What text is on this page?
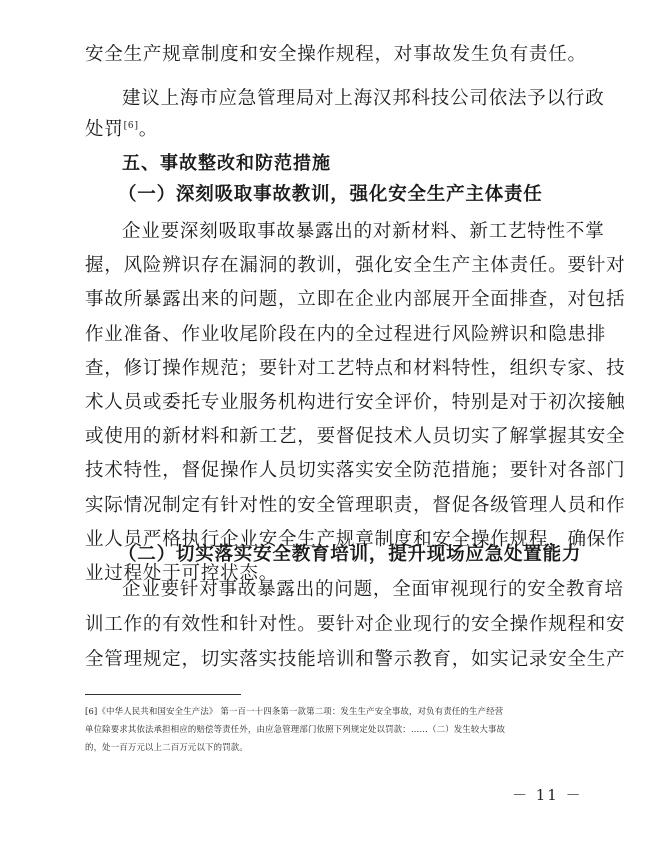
安全生产规章制度和安全操作规程，对事故发生负有责任。
建议上海市应急管理局对上海汉邦科技公司依法予以行政
处罚[6]。
五、事故整改和防范措施
（一）深刻吸取事故教训，强化安全生产主体责任
企业要深刻吸取事故暴露出的对新材料、新工艺特性不掌
握，风险辨识存在漏洞的教训，强化安全生产主体责任。要针对
事故所暴露出来的问题，立即在企业内部展开全面排查，对包括
作业准备、作业收尾阶段在内的全过程进行风险辨识和隐患排
查，修订操作规范；要针对工艺特点和材料特性，组织专家、技
术人员或委托专业服务机构进行安全评价，特别是对于初次接触
或使用的新材料和新工艺，要督促技术人员切实了解掌握其安全
技术特性，督促操作人员切实落实安全防范措施；要针对各部门
实际情况制定有针对性的安全管理职责，督促各级管理人员和作
业人员严格执行企业安全生产规章制度和安全操作规程，确保作
业过程处于可控状态。
（二）切实落实安全教育培训，提升现场应急处置能力
企业要针对事故暴露出的问题，全面审视现行的安全教育培
[6]《中华人民共和国安全生产法》 第一百一十四条第一款第二项：发生生产安全事故，对负有责任的生产经营
单位除要求其依法承担相应的赔偿等责任外，由应急管理部门依照下列规定处以罚款：……（二）发生较大事故
的，处一百万元以上二百万元以下的罚款。
－ 11 －
训工作的有效性和针对性。要针对企业现行的安全操作规程和安
全管理规定，切实落实技能培训和警示教育，如实记录安全生产
